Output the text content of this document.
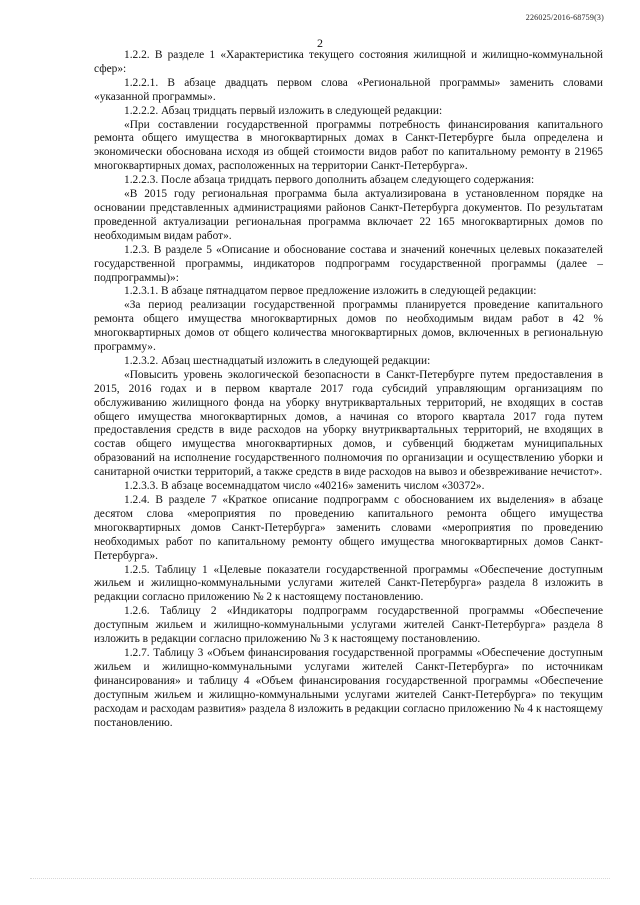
226025/2016-68759(3)
2

1.2.2. В разделе 1 «Характеристика текущего состояния жилищной и жилищно-коммунальной сфер»:

1.2.2.1. В абзаце двадцать первом слова «Региональной программы» заменить словами «указанной программы».

1.2.2.2. Абзац тридцать первый изложить в следующей редакции:

«При составлении государственной программы потребность финансирования капитального ремонта общего имущества в многоквартирных домах в Санкт-Петербурге была определена и экономически обоснована исходя из общей стоимости видов работ по капитальному ремонту в 21965 многоквартирных домах, расположенных на территории Санкт-Петербурга».

1.2.2.3. После абзаца тридцать первого дополнить абзацем следующего содержания:

«В 2015 году региональная программа была актуализирована в установленном порядке на основании представленных администрациями районов Санкт-Петербурга документов. По результатам проведенной актуализации региональная программа включает 22 165 многоквартирных домов по необходимым видам работ».

1.2.3. В разделе 5 «Описание и обоснование состава и значений конечных целевых показателей государственной программы, индикаторов подпрограмм государственной программы (далее – подпрограммы)»:

1.2.3.1. В абзаце пятнадцатом первое предложение изложить в следующей редакции:

«За период реализации государственной программы планируется проведение капитального ремонта общего имущества многоквартирных домов по необходимым видам работ в 42 % многоквартирных домов от общего количества многоквартирных домов, включенных в региональную программу».

1.2.3.2. Абзац шестнадцатый изложить в следующей редакции:

«Повысить уровень экологической безопасности в Санкт-Петербурге путем предоставления в 2015, 2016 годах и в первом квартале 2017 года субсидий управляющим организациям по обслуживанию жилищного фонда на уборку внутриквартальных территорий, не входящих в состав общего имущества многоквартирных домов, а начиная со второго квартала 2017 года путем предоставления средств в виде расходов на уборку внутриквартальных территорий, не входящих в состав общего имущества многоквартирных домов, и субвенций бюджетам муниципальных образований на исполнение государственного полномочия по организации и осуществлению уборки и санитарной очистки территорий, а также средств в виде расходов на вывоз и обезвреживание нечистот».

1.2.3.3. В абзаце восемнадцатом число «40216» заменить числом «30372».

1.2.4. В разделе 7 «Краткое описание подпрограмм с обоснованием их выделения» в абзаце десятом слова «мероприятия по проведению капитального ремонта общего имущества многоквартирных домов Санкт-Петербурга» заменить словами «мероприятия по проведению необходимых работ по капитальному ремонту общего имущества многоквартирных домов Санкт-Петербурга».

1.2.5. Таблицу 1 «Целевые показатели государственной программы «Обеспечение доступным жильем и жилищно-коммунальными услугами жителей Санкт-Петербурга» раздела 8 изложить в редакции согласно приложению № 2 к настоящему постановлению.

1.2.6. Таблицу 2 «Индикаторы подпрограмм государственной программы «Обеспечение доступным жильем и жилищно-коммунальными услугами жителей Санкт-Петербурга» раздела 8 изложить в редакции согласно приложению № 3 к настоящему постановлению.

1.2.7. Таблицу 3 «Объем финансирования государственной программы «Обеспечение доступным жильем и жилищно-коммунальными услугами жителей Санкт-Петербурга» по источникам финансирования» и таблицу 4 «Объем финансирования государственной программы «Обеспечение доступным жильем и жилищно-коммунальными услугами жителей Санкт-Петербурга» по текущим расходам и расходам развития» раздела 8 изложить в редакции согласно приложению № 4 к настоящему постановлению.
